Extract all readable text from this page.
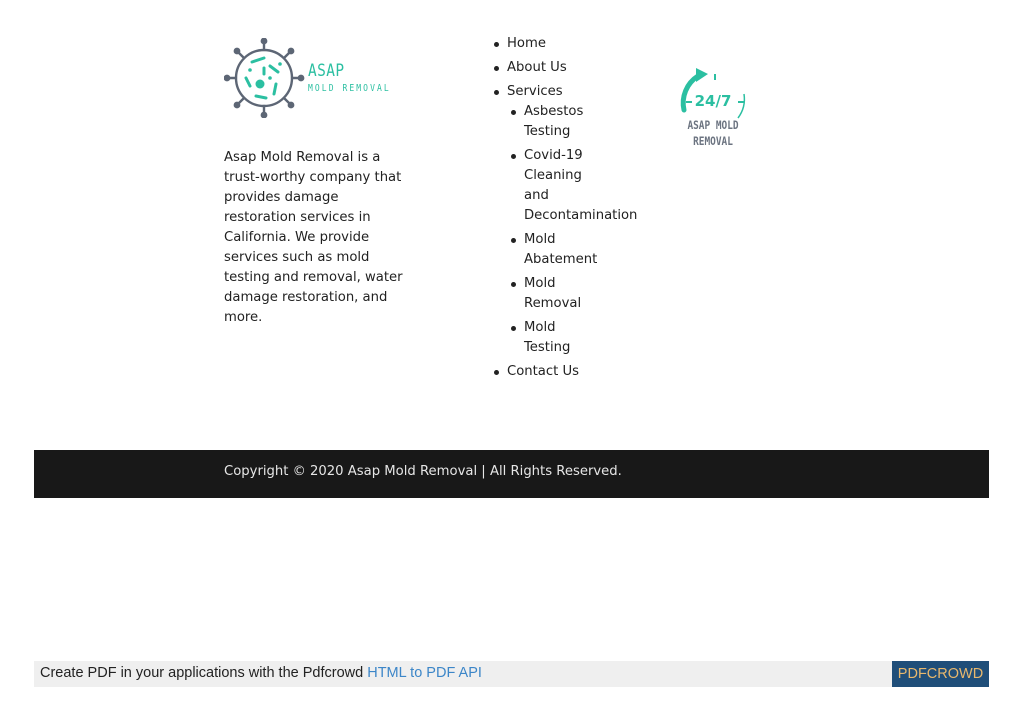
ASAP
MOLD REMOVAL

Asap Mold Removal is a trust-worthy company that provides damage restoration services in California. We provide services such as mold testing and removal, water damage restoration, and more.

Home
About Us
Services
Asbestos Testing
Covid-19 Cleaning and Decontamination
Mold Abatement
Mold Removal
Mold Testing
Contact Us
24/7
ASAP MOLD
REMOVAL
Copyright © 2020 Asap Mold Removal | All Rights Reserved.
Create PDF in your applications with the Pdfcrowd HTML to PDF API	PDFCROWD
